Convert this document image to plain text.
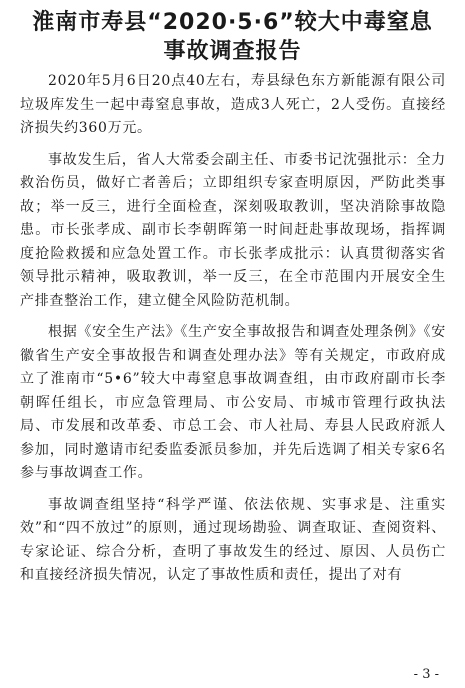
淮南市寿县“2020·5·6”较大中毒窒息
事故调查报告

2020年5月6日20点40左右，寿县绿色东方新能源有限公司垃圾库发生一起中毒窒息事故，造成3人死亡，2人受伤。直接经济损失约360万元。

事故发生后，省人大常委会副主任、市委书记沈强批示：全力救治伤员，做好亡者善后；立即组织专家查明原因，严防此类事故；举一反三，进行全面检查，深刻吸取教训，坚决消除事故隐患。市长张孝成、副市长李朝晖第一时间赶赴事故现场，指挥调度抢险救援和应急处置工作。市长张孝成批示：认真贯彻落实省领导批示精神，吸取教训，举一反三，在全市范围内开展安全生产排查整治工作，建立健全风险防范机制。

根据《安全生产法》《生产安全事故报告和调查处理条例》《安徽省生产安全事故报告和调查处理办法》等有关规定，市政府成立了淮南市“5•6”较大中毒窒息事故调查组，由市政府副市长李朝晖任组长，市应急管理局、市公安局、市城市管理行政执法局、市发展和改革委、市总工会、市人社局、寿县人民政府派人参加，同时邀请市纪委监委派员参加，并先后选调了相关专家6名参与事故调查工作。

事故调查组坚持“科学严谨、依法依规、实事求是、注重实效”和“四不放过”的原则，通过现场勘验、调查取证、查阅资料、专家论证、综合分析，查明了事故发生的经过、原因、人员伤亡和直接经济损失情况，认定了事故性质和责任，提出了对有

- 3 -
